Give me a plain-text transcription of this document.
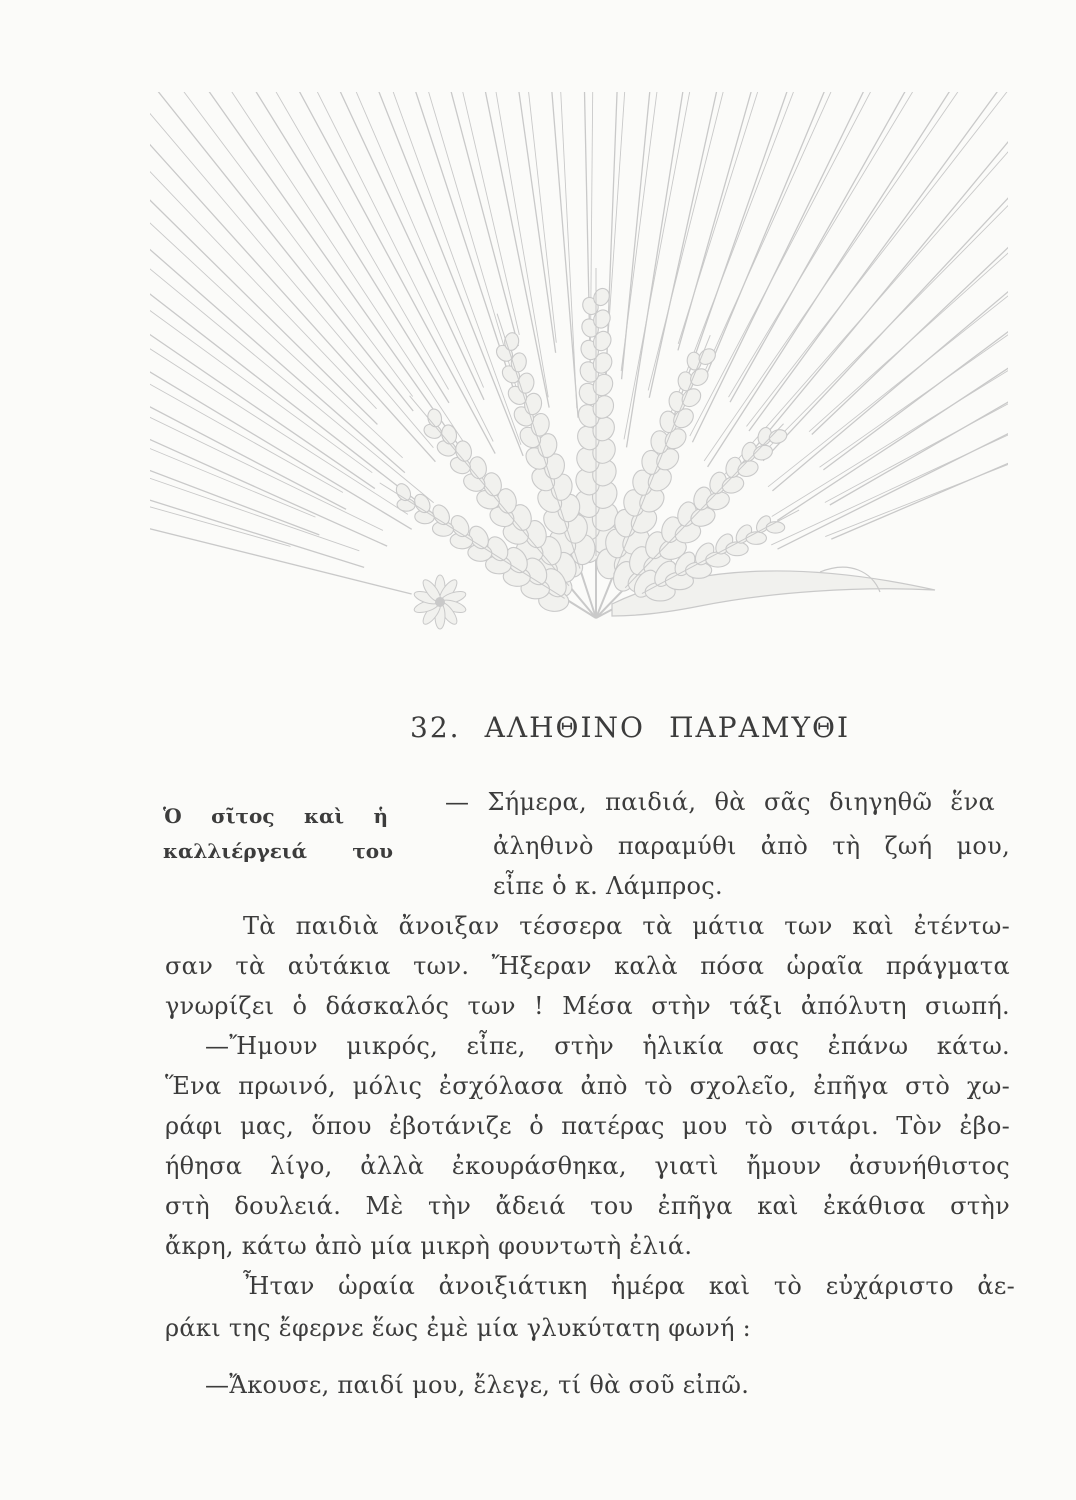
32. ΑΛΗΘΙΝΟ ΠΑΡΑΜΥΘΙ
Ὁ σῖτος καὶ ἡ
καλλιέργειά του
— Σήμερα, παιδιά, θὰ σᾶς διηγηθῶ ἕνα
ἀληθινὸ παραμύθι ἀπὸ τὴ ζωή μου,
εἶπε ὁ κ. Λάμπρος.
Τὰ παιδιὰ ἄνοιξαν τέσσερα τὰ μάτια των καὶ ἐτέντω-
σαν τὰ αὐτάκια των. Ἤξεραν καλὰ πόσα ὡραῖα πράγματα
γνωρίζει ὁ δάσκαλός των ! Μέσα στὴν τάξι ἀπόλυτη σιωπή.
—Ἤμουν μικρός, εἶπε, στὴν ἡλικία σας ἐπάνω κάτω.
Ἕνα πρωινό, μόλις ἐσχόλασα ἀπὸ τὸ σχολεῖο, ἐπῆγα στὸ χω-
ράφι μας, ὅπου ἐβοτάνιζε ὁ πατέρας μου τὸ σιτάρι. Τὸν ἐβο-
ήθησα λίγο, ἀλλὰ ἐκουράσθηκα, γιατὶ ἤμουν ἀσυνήθιστος
στὴ δουλειά. Μὲ τὴν ἄδειά του ἐπῆγα καὶ ἐκάθισα στὴν
ἄκρη, κάτω ἀπὸ μία μικρὴ φουντωτὴ ἐλιά.
Ἦταν ὡραία ἀνοιξιάτικη ἡμέρα καὶ τὸ εὐχάριστο ἀε-
ράκι της ἔφερνε ἕως ἐμὲ μία γλυκύτατη φωνή :
—Ἄκουσε, παιδί μου, ἔλεγε, τί θὰ σοῦ εἰπῶ.
